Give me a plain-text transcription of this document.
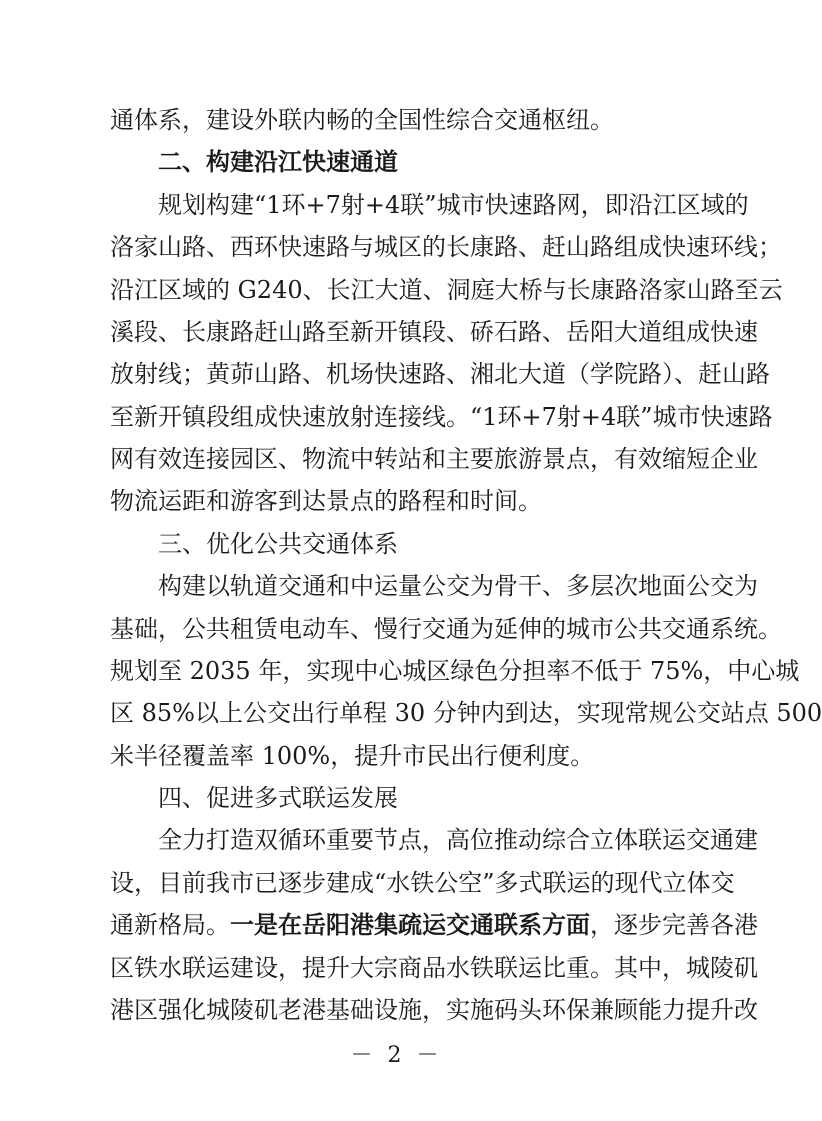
通体系，建设外联内畅的全国性综合交通枢纽。
二、构建沿江快速通道
规划构建“1环+7射+4联”城市快速路网，即沿江区域的
洛家山路、西环快速路与城区的长康路、赶山路组成快速环线；
沿江区域的 G240、长江大道、洞庭大桥与长康路洛家山路至云
溪段、长康路赶山路至新开镇段、硚石路、岳阳大道组成快速
放射线；黄茆山路、机场快速路、湘北大道（学院路）、赶山路
至新开镇段组成快速放射连接线。“1环+7射+4联”城市快速路
网有效连接园区、物流中转站和主要旅游景点，有效缩短企业
物流运距和游客到达景点的路程和时间。
三、优化公共交通体系
构建以轨道交通和中运量公交为骨干、多层次地面公交为
基础，公共租赁电动车、慢行交通为延伸的城市公共交通系统。
规划至 2035 年，实现中心城区绿色分担率不低于 75%，中心城
区 85%以上公交出行单程 30 分钟内到达，实现常规公交站点 500
米半径覆盖率 100%，提升市民出行便利度。
四、促进多式联运发展
全力打造双循环重要节点，高位推动综合立体联运交通建
设，目前我市已逐步建成“水铁公空”多式联运的现代立体交
通新格局。一是在岳阳港集疏运交通联系方面，逐步完善各港
区铁水联运建设，提升大宗商品水铁联运比重。其中，城陵矶
港区强化城陵矶老港基础设施，实施码头环保兼顾能力提升改
－ 2 －
